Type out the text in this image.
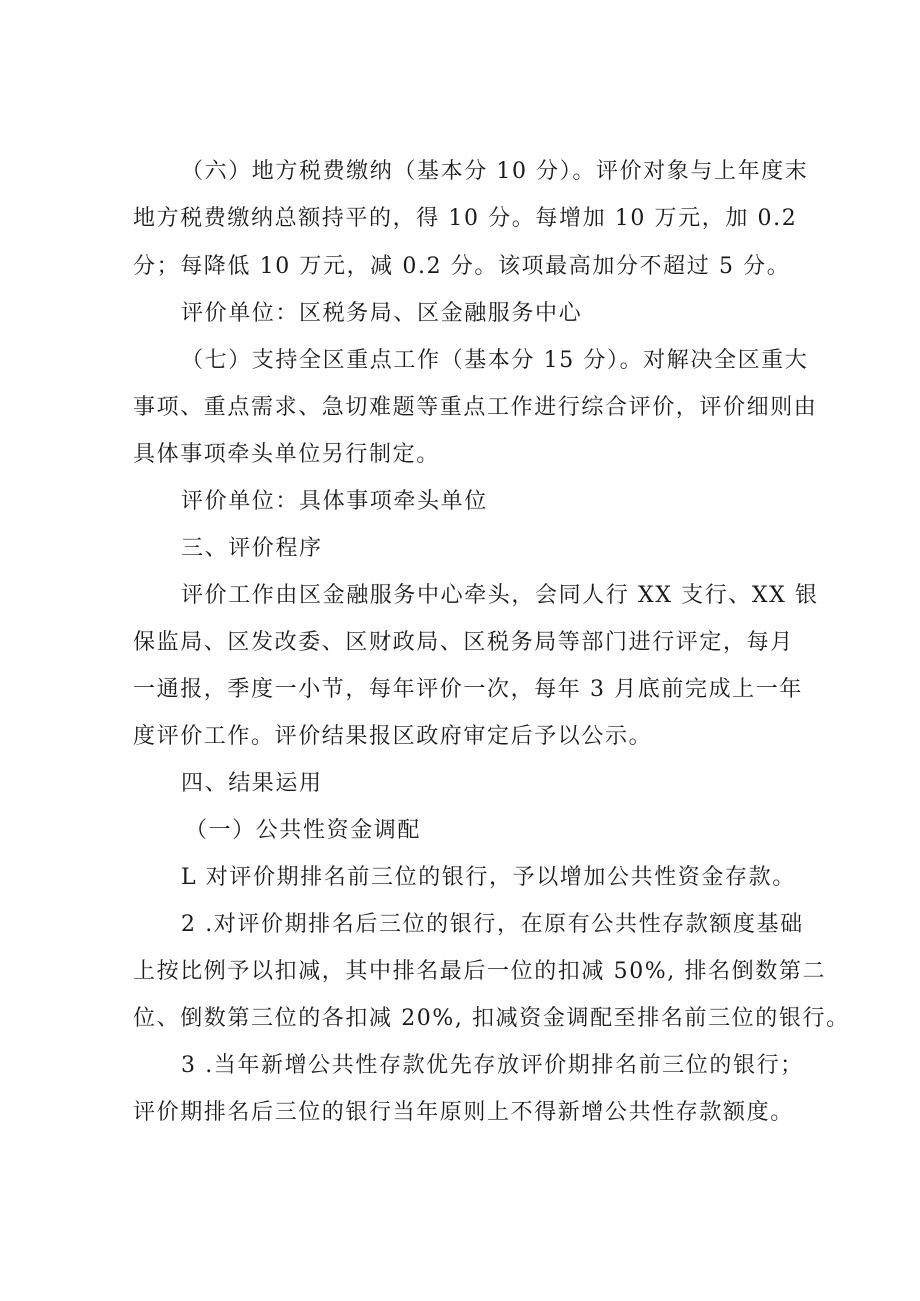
（六）地方税费缴纳（基本分 10 分）。评价对象与上年度末
地方税费缴纳总额持平的，得 10 分。每增加 10 万元，加 0.2
分；每降低 10 万元，减 0.2 分。该项最高加分不超过 5 分。
评价单位：区税务局、区金融服务中心
（七）支持全区重点工作（基本分 15 分）。对解决全区重大
事项、重点需求、急切难题等重点工作进行综合评价，评价细则由
具体事项牵头单位另行制定。
评价单位：具体事项牵头单位
三、评价程序
评价工作由区金融服务中心牵头，会同人行 XX 支行、XX 银
保监局、区发改委、区财政局、区税务局等部门进行评定，每月
一通报，季度一小节，每年评价一次，每年 3 月底前完成上一年
度评价工作。评价结果报区政府审定后予以公示。
四、结果运用
（一）公共性资金调配
L 对评价期排名前三位的银行，予以增加公共性资金存款。
2 .对评价期排名后三位的银行，在原有公共性存款额度基础
上按比例予以扣减，其中排名最后一位的扣减 50%, 排名倒数第二
位、倒数第三位的各扣减 20%, 扣减资金调配至排名前三位的银行。
3 .当年新增公共性存款优先存放评价期排名前三位的银行；
评价期排名后三位的银行当年原则上不得新增公共性存款额度。
